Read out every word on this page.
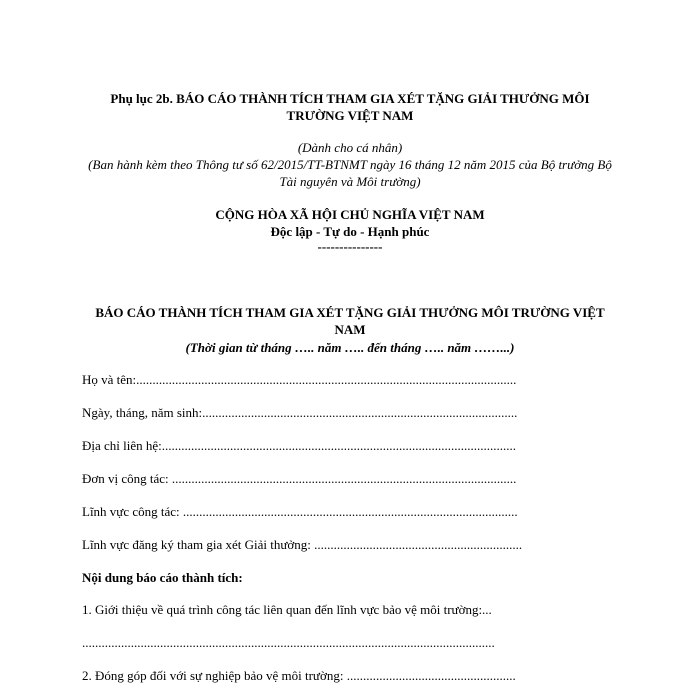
Phụ lục 2b. BÁO CÁO THÀNH TÍCH THAM GIA XÉT TẶNG GIẢI THƯỞNG MÔI TRƯỜNG VIỆT NAM

(Dành cho cá nhân)

(Ban hành kèm theo Thông tư số 62/2015/TT-BTNMT ngày 16 tháng 12 năm 2015 của Bộ trưởng Bộ Tài nguyên và Môi trường)

CỘNG HÒA XÃ HỘI CHỦ NGHĨA VIỆT NAM

Độc lập - Tự do - Hạnh phúc

---------------

BÁO CÁO THÀNH TÍCH THAM GIA XÉT TẶNG GIẢI THƯỞNG MÔI TRƯỜNG VIỆT NAM

(Thời gian từ tháng ….. năm ….. đến tháng ….. năm ……...)

Họ và tên:.....................................................................................................................

Ngày, tháng, năm sinh:.................................................................................................

Địa chỉ liên hệ:.............................................................................................................

Đơn vị công tác: ..........................................................................................................

Lĩnh vực công tác: .......................................................................................................

Lĩnh vực đăng ký tham gia xét Giải thưởng: ................................................................

Nội dung báo cáo thành tích:

1. Giới thiệu về quá trình công tác liên quan đến lĩnh vực bảo vệ môi trường:...

...............................................................................................................................

2. Đóng góp đối với sự nghiệp bảo vệ môi trường: ....................................................
